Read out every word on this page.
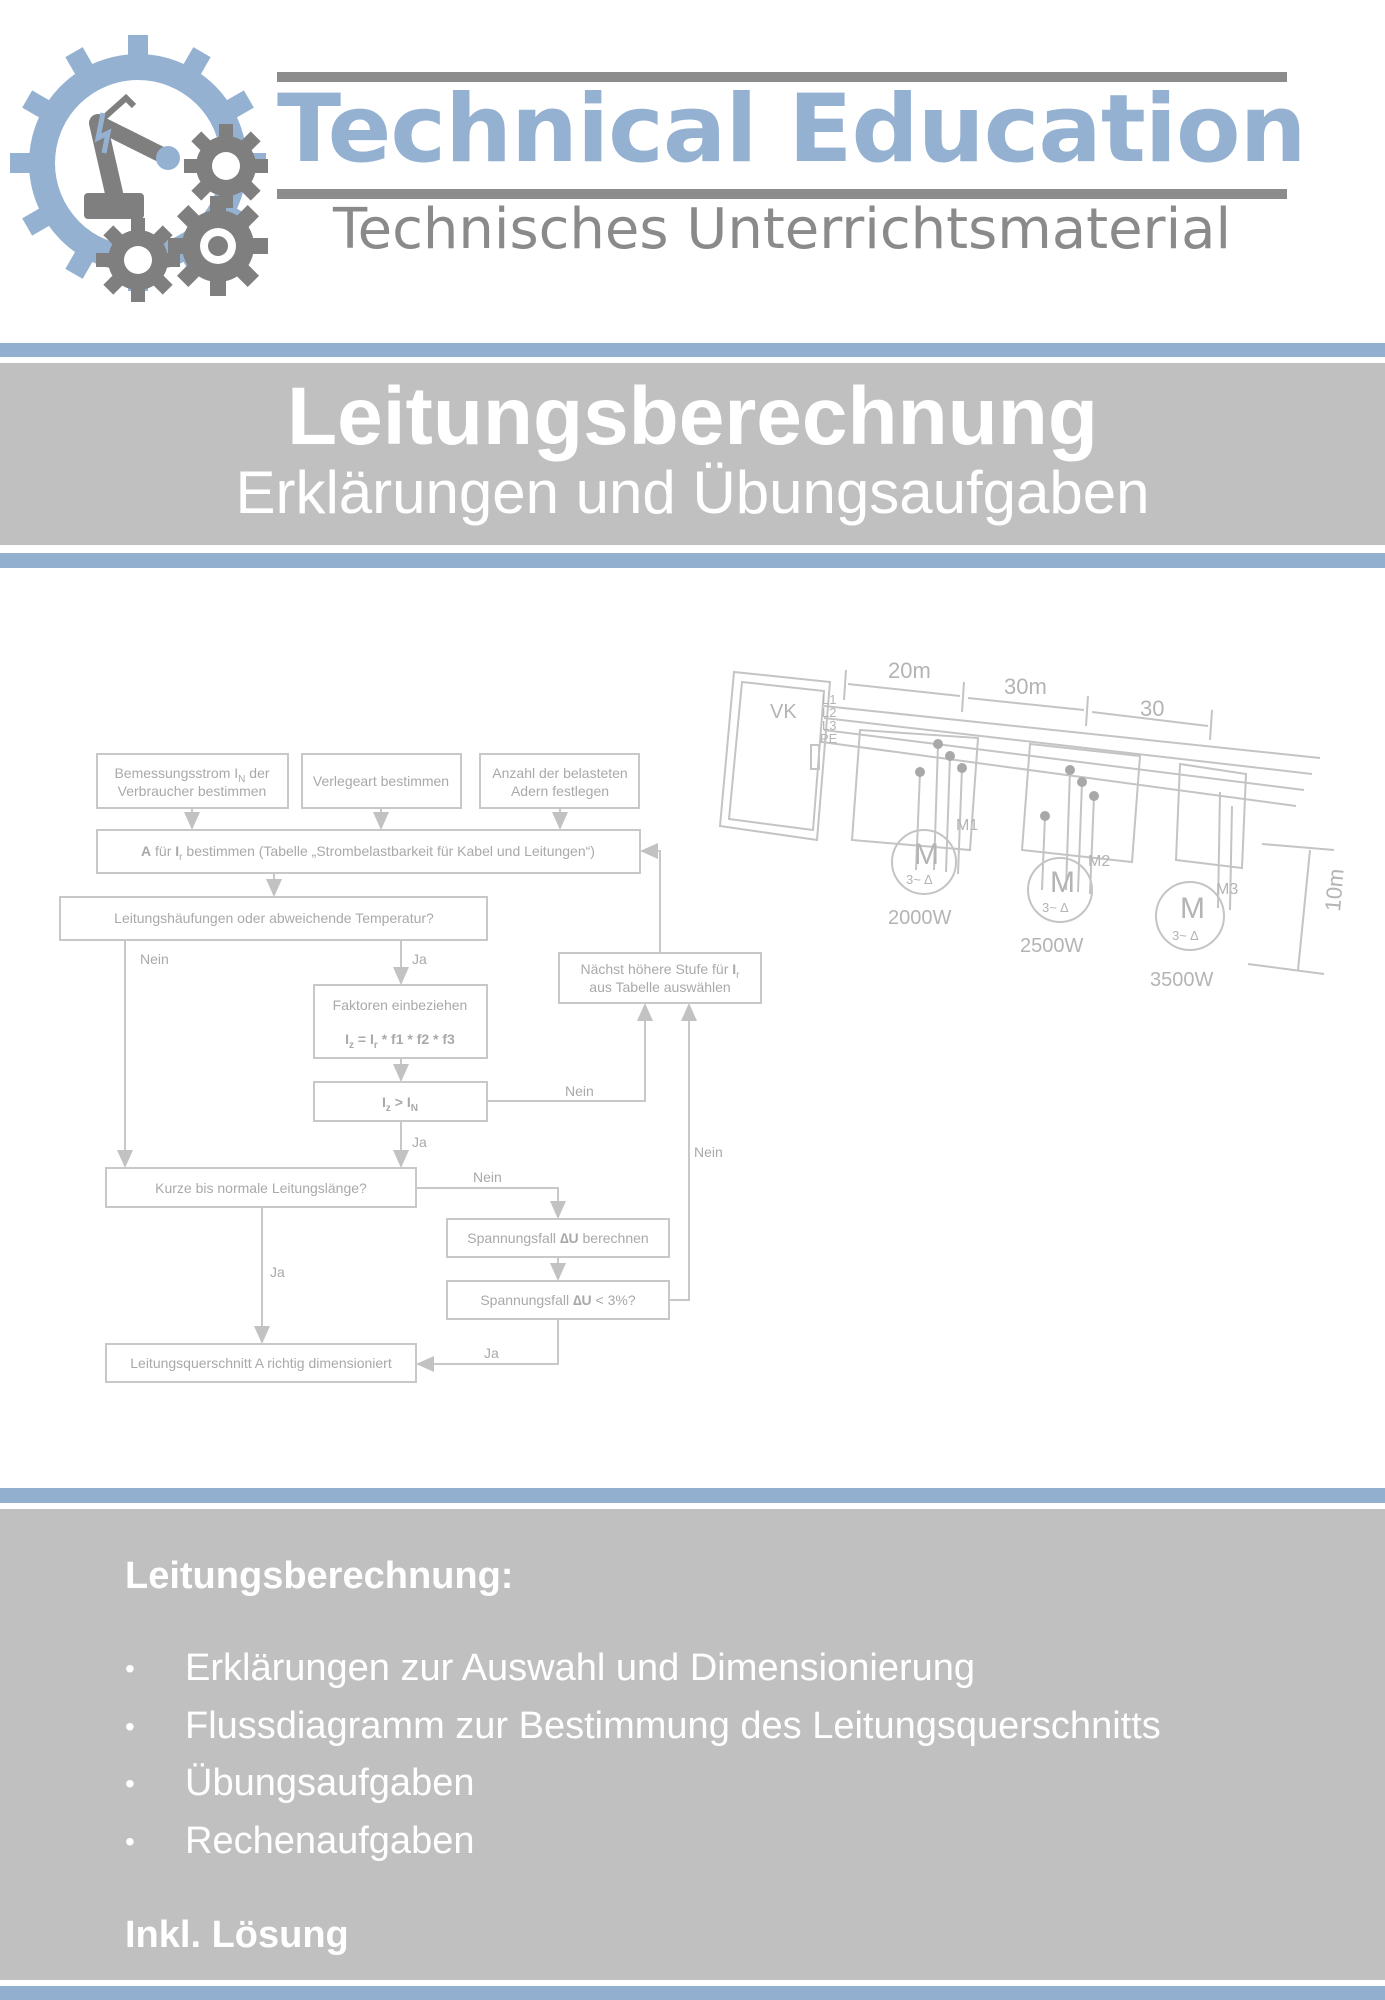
Technical Education
Technisches Unterrichtsmaterial
Leitungsberechnung
Erklärungen und Übungsaufgaben
Bemessungsstrom $I_N$ der
Verbraucher bestimmen
Verlegeart bestimmen	Anzahl der belasteten
Adern festlegen
A für $I_r$ bestimmen (Tabelle „Strombelastbarkeit für Kabel und Leitungen“)
Leitungshäufungen oder abweichende Temperatur?
Faktoren einbeziehen
$I_z = I_r * f1 * f2 * f3$
Nächst höhere Stufe für $I_r$
aus Tabelle auswählen
$I_z > I_N$
Kurze bis normale Leitungslänge?
Spannungsfall ∆U berechnen
Spannungsfall ∆U < 3%?
Leitungsquerschnitt A richtig dimensioniert
Nein	Ja
Nein
Ja
Nein
Nein
Ja
Ja
VK
L1
L2
L3
PE
20m
30m
30
10m
M1
M2
M3
M
M
M
3~ ∆
3~ ∆
3~ ∆
2000W
2500W
3500W
Leitungsberechnung:
• Erklärungen zur Auswahl und Dimensionierung
• Flussdiagramm zur Bestimmung des Leitungsquerschnitts
• Übungsaufgaben
• Rechenaufgaben
Inkl. Lösung
